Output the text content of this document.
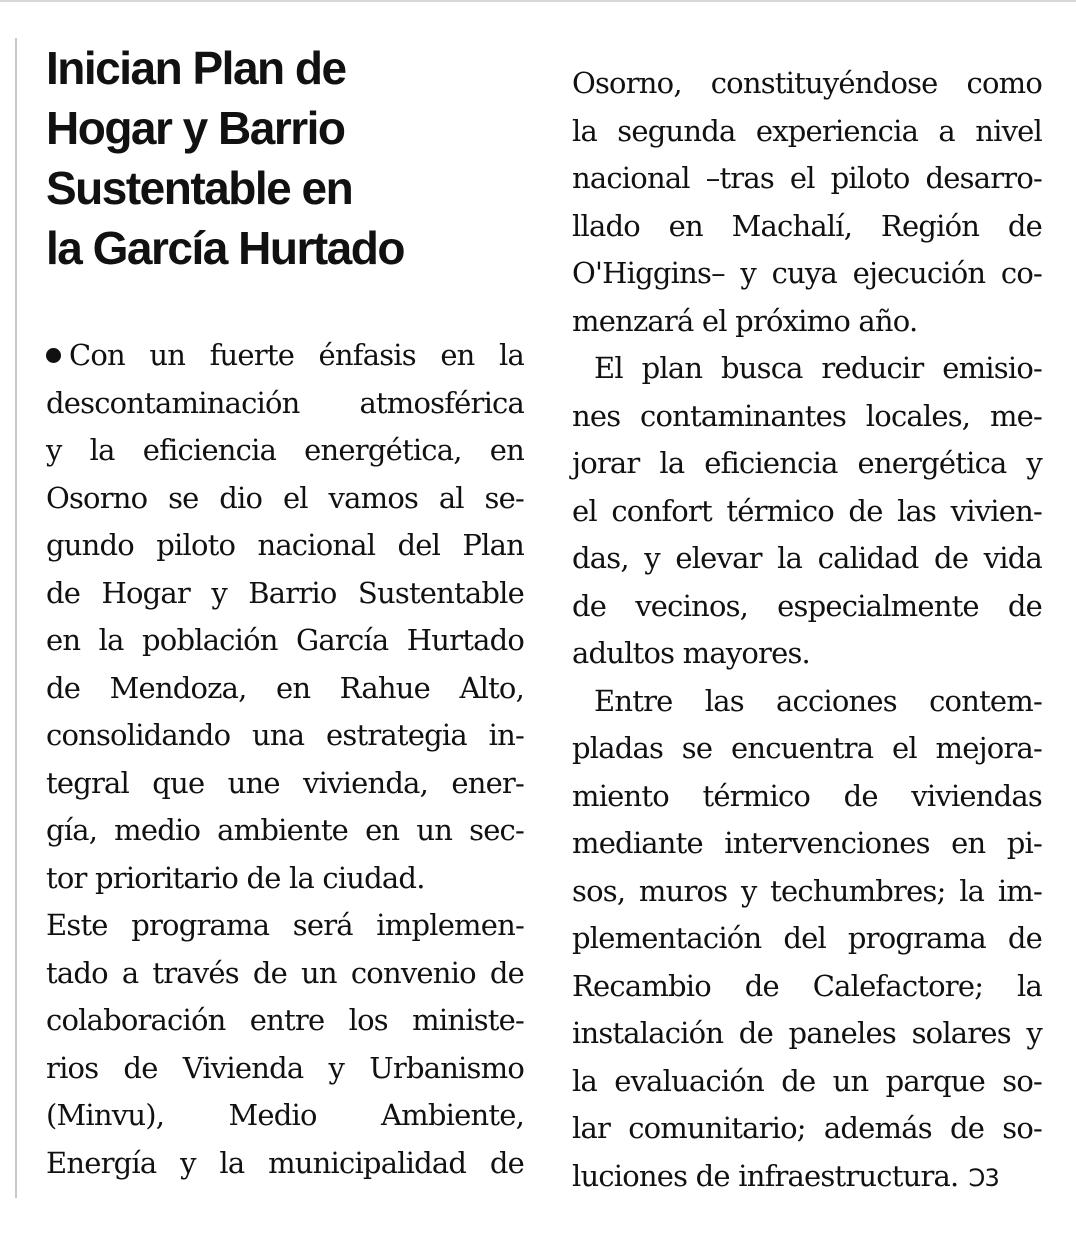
Inician Plan de
Hogar y Barrio
Sustentable en
la García Hurtado
Con un fuerte énfasis en la
descontaminación atmosférica
y la eficiencia energética, en
Osorno se dio el vamos al se-
gundo piloto nacional del Plan
de Hogar y Barrio Sustentable
en la población García Hurtado
de Mendoza, en Rahue Alto,
consolidando una estrategia in-
tegral que une vivienda, ener-
gía, medio ambiente en un sec-
tor prioritario de la ciudad.
Este programa será implemen-
tado a través de un convenio de
colaboración entre los ministe-
rios de Vivienda y Urbanismo
(Minvu), Medio Ambiente,
Energía y la municipalidad de
Osorno, constituyéndose como
la segunda experiencia a nivel
nacional –tras el piloto desarro-
llado en Machalí, Región de
O'Higgins– y cuya ejecución co-
menzará el próximo año.
El plan busca reducir emisio-
nes contaminantes locales, me-
jorar la eficiencia energética y
el confort térmico de las vivien-
das, y elevar la calidad de vida
de vecinos, especialmente de
adultos mayores.
Entre las acciones contem-
pladas se encuentra el mejora-
miento térmico de viviendas
mediante intervenciones en pi-
sos, muros y techumbres; la im-
plementación del programa de
Recambio de Calefactore; la
instalación de paneles solares y
la evaluación de un parque so-
lar comunitario; además de so-
luciones de infraestructura. Ͻ3
